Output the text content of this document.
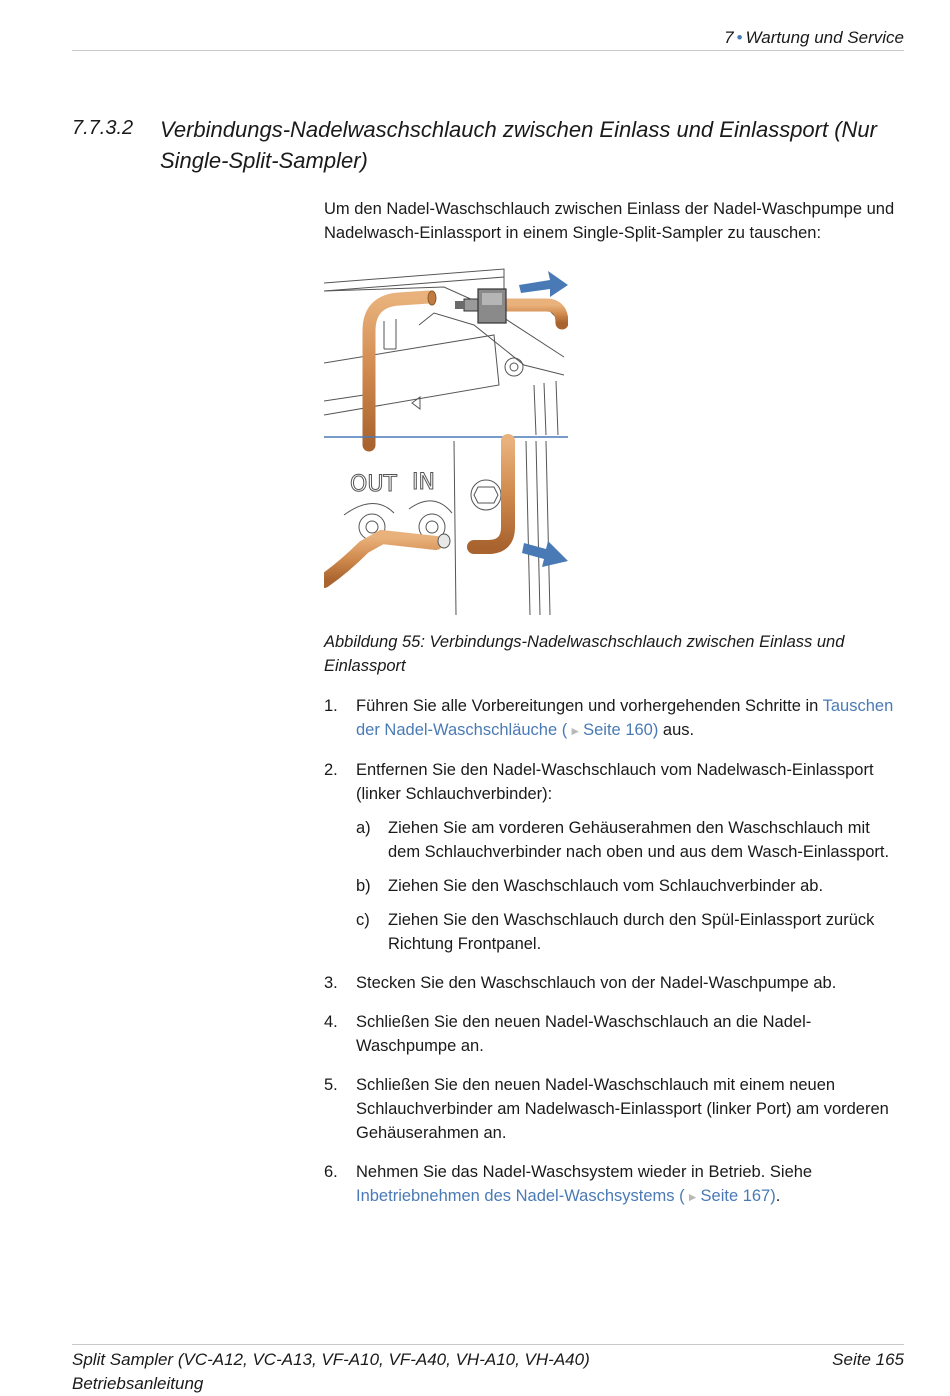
7 • Wartung und Service
7.7.3.2 Verbindungs-Nadelwaschschlauch zwischen Einlass und Einlassport (Nur Single-Split-Sampler)

Um den Nadel-Waschschlauch zwischen Einlass der Nadel-Waschpumpe und Nadelwasch-Einlassport in einem Single-Split-Sampler zu tauschen:

OUT IN
Abbildung 55: Verbindungs-Nadelwaschschlauch zwischen Einlass und Einlassport
1. Führen Sie alle Vorbereitungen und vorhergehenden Schritte in Tauschen der Nadel-Waschschläuche ( ► Seite 160) aus.
2. Entfernen Sie den Nadel-Waschschlauch vom Nadelwasch-Einlassport (linker Schlauchverbinder):
a) Ziehen Sie am vorderen Gehäuserahmen den Waschschlauch mit dem Schlauchverbinder nach oben und aus dem Wasch-Einlassport.
b) Ziehen Sie den Waschschlauch vom Schlauchverbinder ab.
c) Ziehen Sie den Waschschlauch durch den Spül-Einlassport zurück Richtung Frontpanel.
3. Stecken Sie den Waschschlauch von der Nadel-Waschpumpe ab.
4. Schließen Sie den neuen Nadel-Waschschlauch an die Nadel-Waschpumpe an.
5. Schließen Sie den neuen Nadel-Waschschlauch mit einem neuen Schlauchverbinder am Nadelwasch-Einlassport (linker Port) am vorderen Gehäuserahmen an.
6. Nehmen Sie das Nadel-Waschsystem wieder in Betrieb. Siehe Inbetriebnehmen des Nadel-Waschsystems ( ► Seite 167).
Split Sampler (VC-A12, VC-A13, VF-A10, VF-A40, VH-A10, VH-A40)
Betriebsanleitung
Seite 165
